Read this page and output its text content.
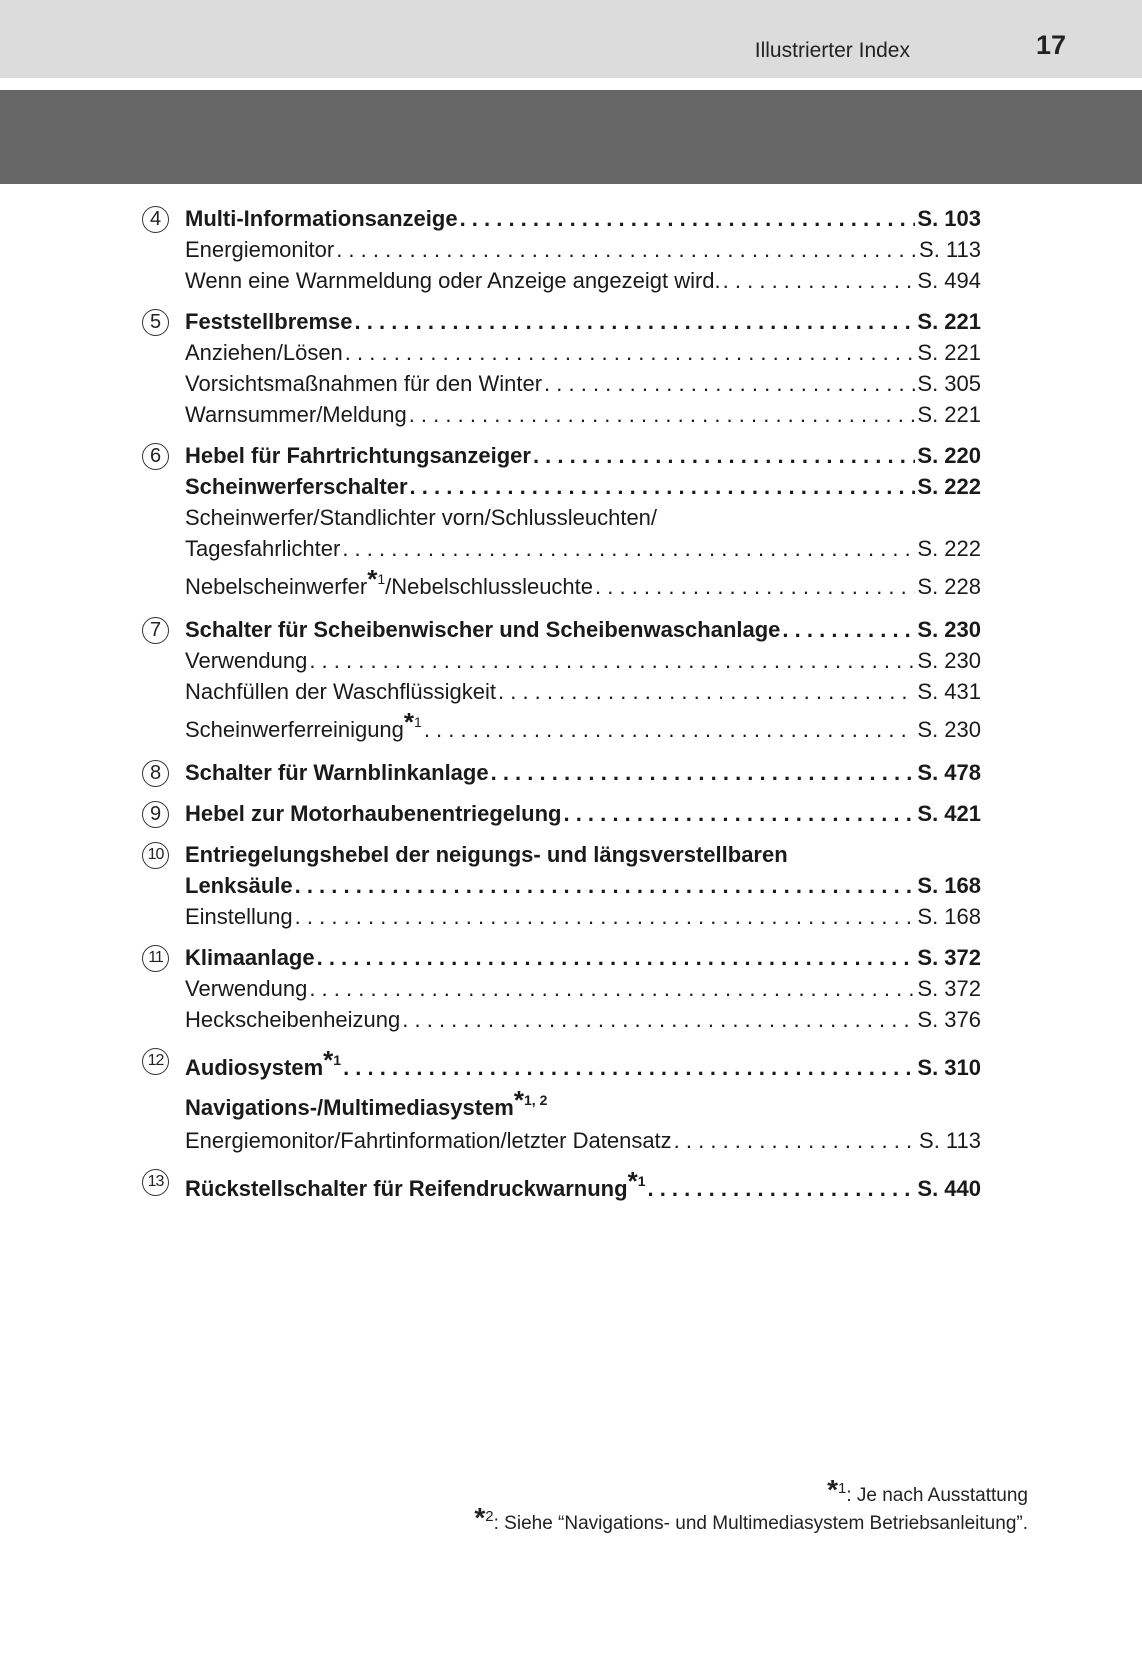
Illustrierter Index	17
4	Multi-Informationsanzeige . . .	S. 103
Energiemonitor . . .	S. 113
Wenn eine Warnmeldung oder Anzeige angezeigt wird. . . .	S. 494
5	Feststellbremse . . .	S. 221
Anziehen/Lösen . . .	S. 221
Vorsichtsmaßnahmen für den Winter . . .	S. 305
Warnsummer/Meldung . . .	S. 221
6	Hebel für Fahrtrichtungsanzeiger . . .	S. 220
Scheinwerferschalter . . .	S. 222
Scheinwerfer/Standlichter vorn/Schlussleuchten/
Tagesfahrlichter . . .	S. 222
Nebelscheinwerfer*$^1$/Nebelschlussleuchte . . .	S. 228
7	Schalter für Scheibenwischer und Scheibenwaschanlage . . .	S. 230
Verwendung . . .	S. 230
Nachfüllen der Waschflüssigkeit . . .	S. 431
Scheinwerferreinigung*$^1$ . . .	S. 230
8	Schalter für Warnblinkanlage . . .	S. 478
9	Hebel zur Motorhaubenentriegelung . . .	S. 421
10 Entriegelungshebel der neigungs- und längsverstellbaren
Lenksäule . . .	S. 168
Einstellung . . .	S. 168
11 Klimaanlage . . .	S. 372
Verwendung . . .	S. 372
Heckscheibenheizung . . .	S. 376
12 Audiosystem*$^1$ . . .	S. 310
Navigations-/Multimediasystem*$^{1, 2}$
Energiemonitor/Fahrtinformation/letzter Datensatz . . .	S. 113
13 Rückstellschalter für Reifendruckwarnung*$^1$ . . .	S. 440
*$^1$: Je nach Ausstattung
*$^2$: Siehe “Navigations- und Multimediasystem Betriebsanleitung”.
